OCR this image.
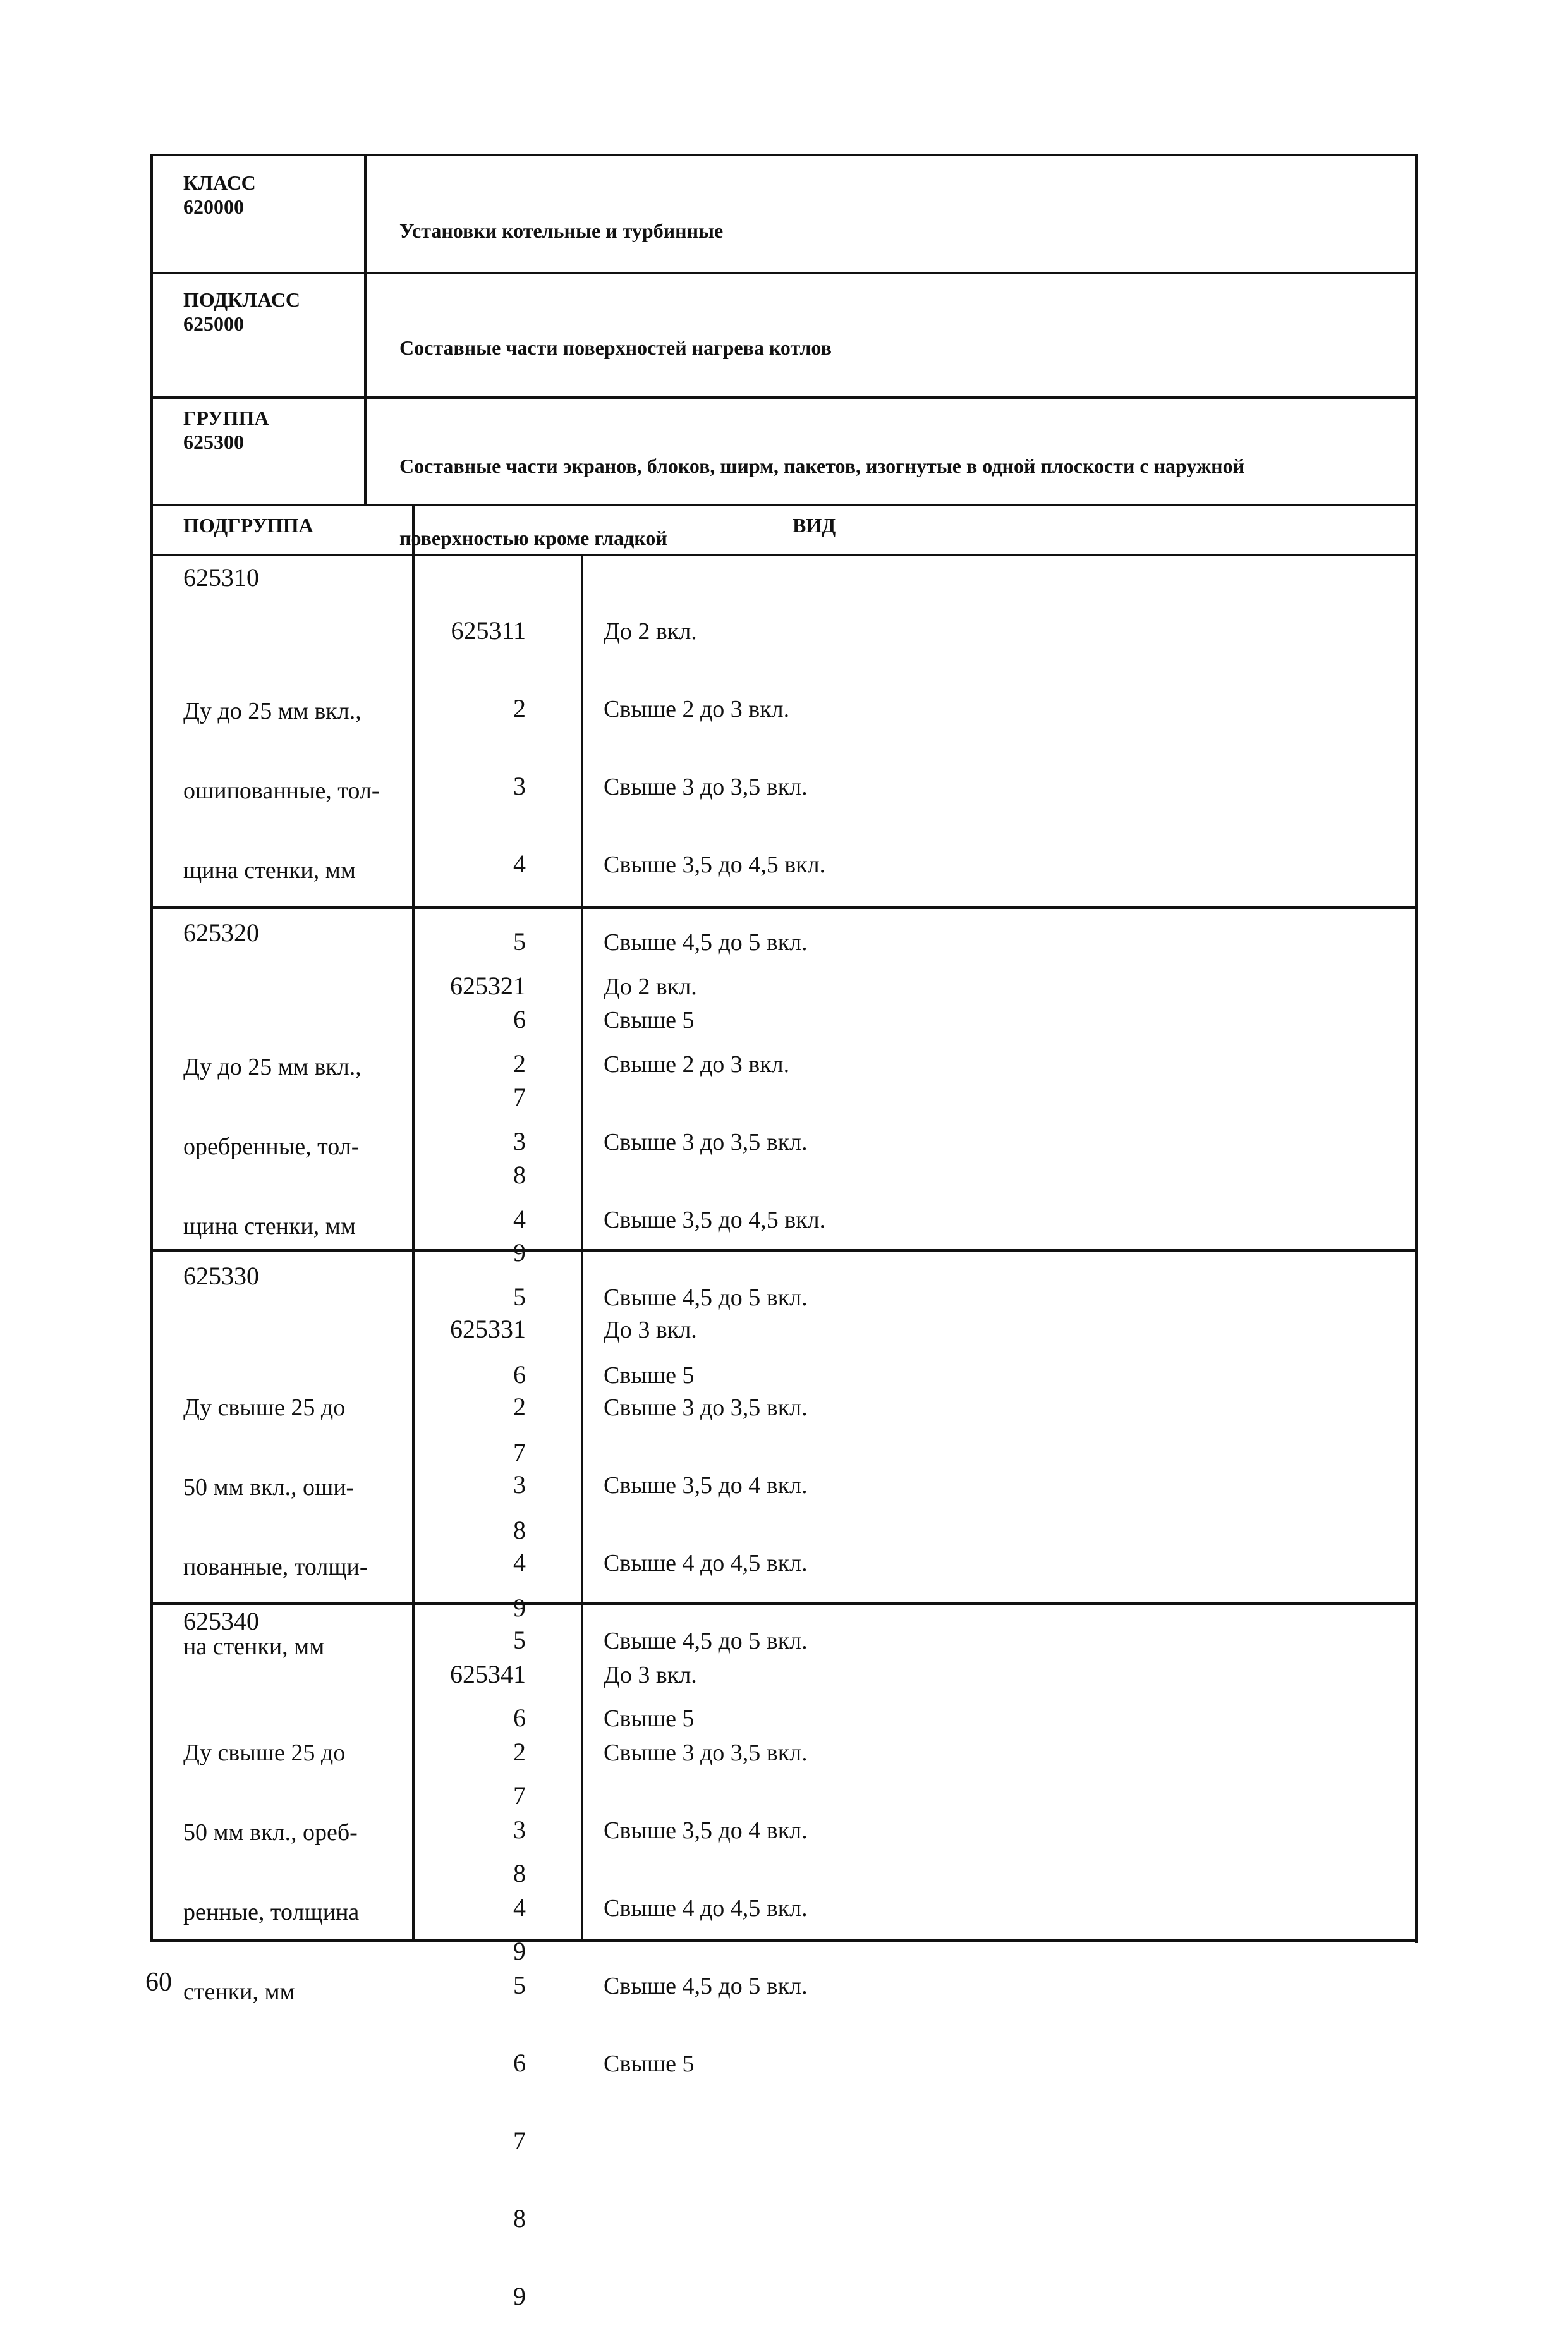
КЛАСС
620000

Установки котельные и турбинные

ПОДКЛАСС
625000

Составные части поверхностей нагрева котлов

ГРУППА
625300

Составные части экранов, блоков, ширм, пакетов, изогнутые в одной плоскости с наружной

поверхностью кроме гладкой

ПОДГРУППА	ВИД
625310

Ду до 25 мм вкл.,

ошипованные, тол-

щина стенки, мм

625311

2

3

4

5

6

7

8

9

До 2 вкл.

Свыше 2 до 3 вкл.

Свыше 3 до 3,5 вкл.

Свыше 3,5 до 4,5 вкл.

Свыше 4,5 до 5 вкл.

Свыше 5

625320

Ду до 25 мм вкл.,

оребренные, тол-

щина стенки, мм

625321

2

3

4

5

6

7

8

9

До 2 вкл.

Свыше 2 до 3 вкл.

Свыше 3 до 3,5 вкл.

Свыше 3,5 до 4,5 вкл.

Свыше 4,5 до 5 вкл.

Свыше 5

625330

Ду свыше 25 до

50 мм вкл., оши-

пованные, толщи-

на стенки, мм

625331

2

3

4

5

6

7

8

9

До 3 вкл.

Свыше 3 до 3,5 вкл.

Свыше 3,5 до 4 вкл.

Свыше 4 до 4,5 вкл.

Свыше 4,5 до 5 вкл.

Свыше 5

625340

Ду свыше 25 до

50 мм вкл., ореб-

ренные, толщина

стенки, мм

625341

2

3

4

5

6

7

8

9

До 3 вкл.

Свыше 3 до 3,5 вкл.

Свыше 3,5 до 4 вкл.

Свыше 4 до 4,5 вкл.

Свыше 4,5 до 5 вкл.

Свыше 5

60
